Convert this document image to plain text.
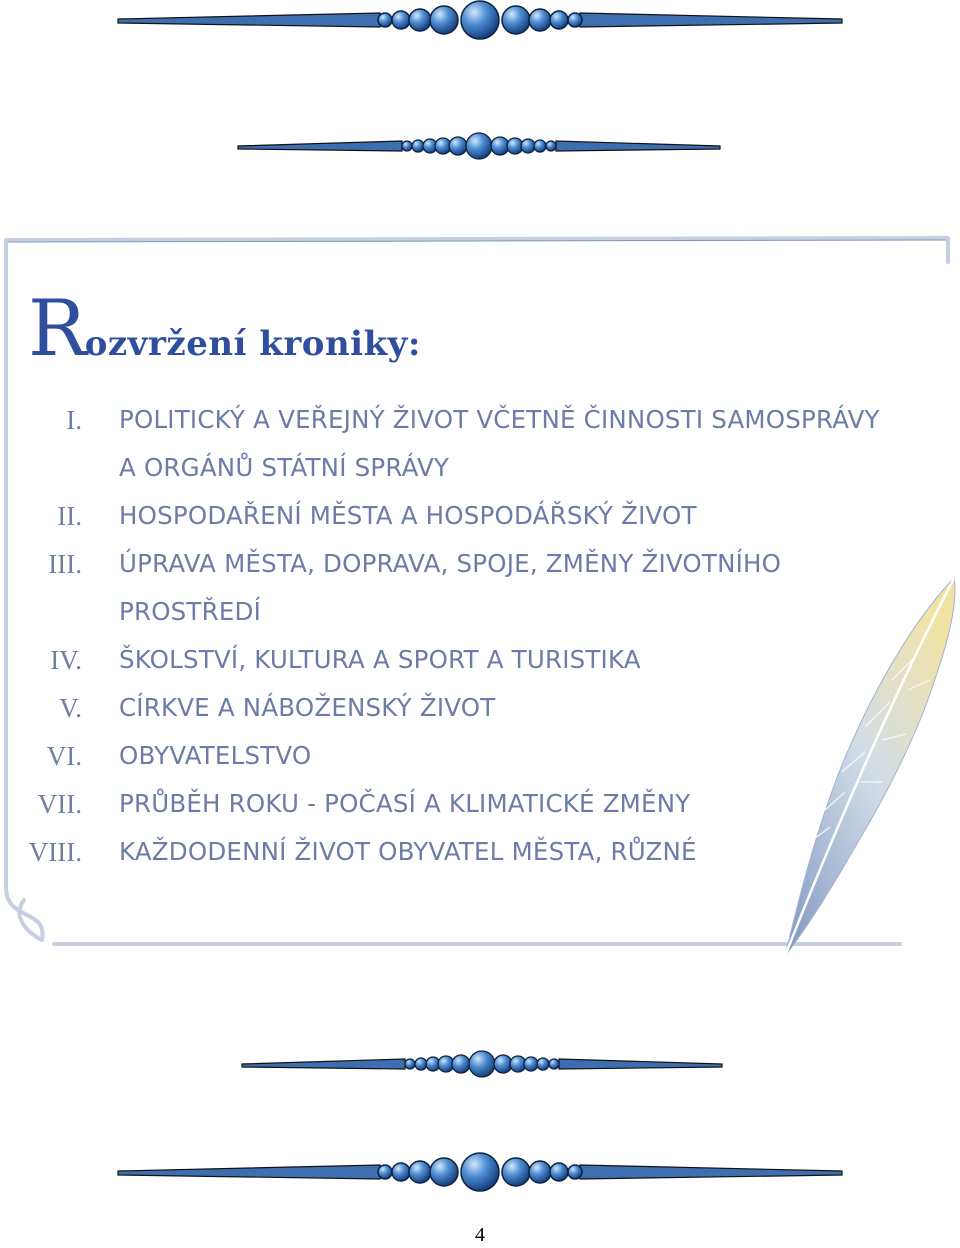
Rozvržení kroniky:
I. POLITICKÝ A VEŘEJNÝ ŽIVOT VČETNĚ ČINNOSTI SAMOSPRÁVY A ORGÁNŮ STÁTNÍ SPRÁVY
II. HOSPODAŘENÍ MĚSTA A HOSPODÁŘSKÝ ŽIVOT
III. ÚPRAVA MĚSTA, DOPRAVA, SPOJE, ZMĚNY ŽIVOTNÍHO PROSTŘEDÍ
IV. ŠKOLSTVÍ, KULTURA A SPORT A TURISTIKA
V. CÍRKVE A NÁBOŽENSKÝ ŽIVOT
VI. OBYVATELSTVO
VII. PRŮBĚH ROKU - POČASÍ A KLIMATICKÉ ZMĚNY
VIII. KAŽDODENNÍ ŽIVOT OBYVATEL MĚSTA, RŮZNÉ
4
